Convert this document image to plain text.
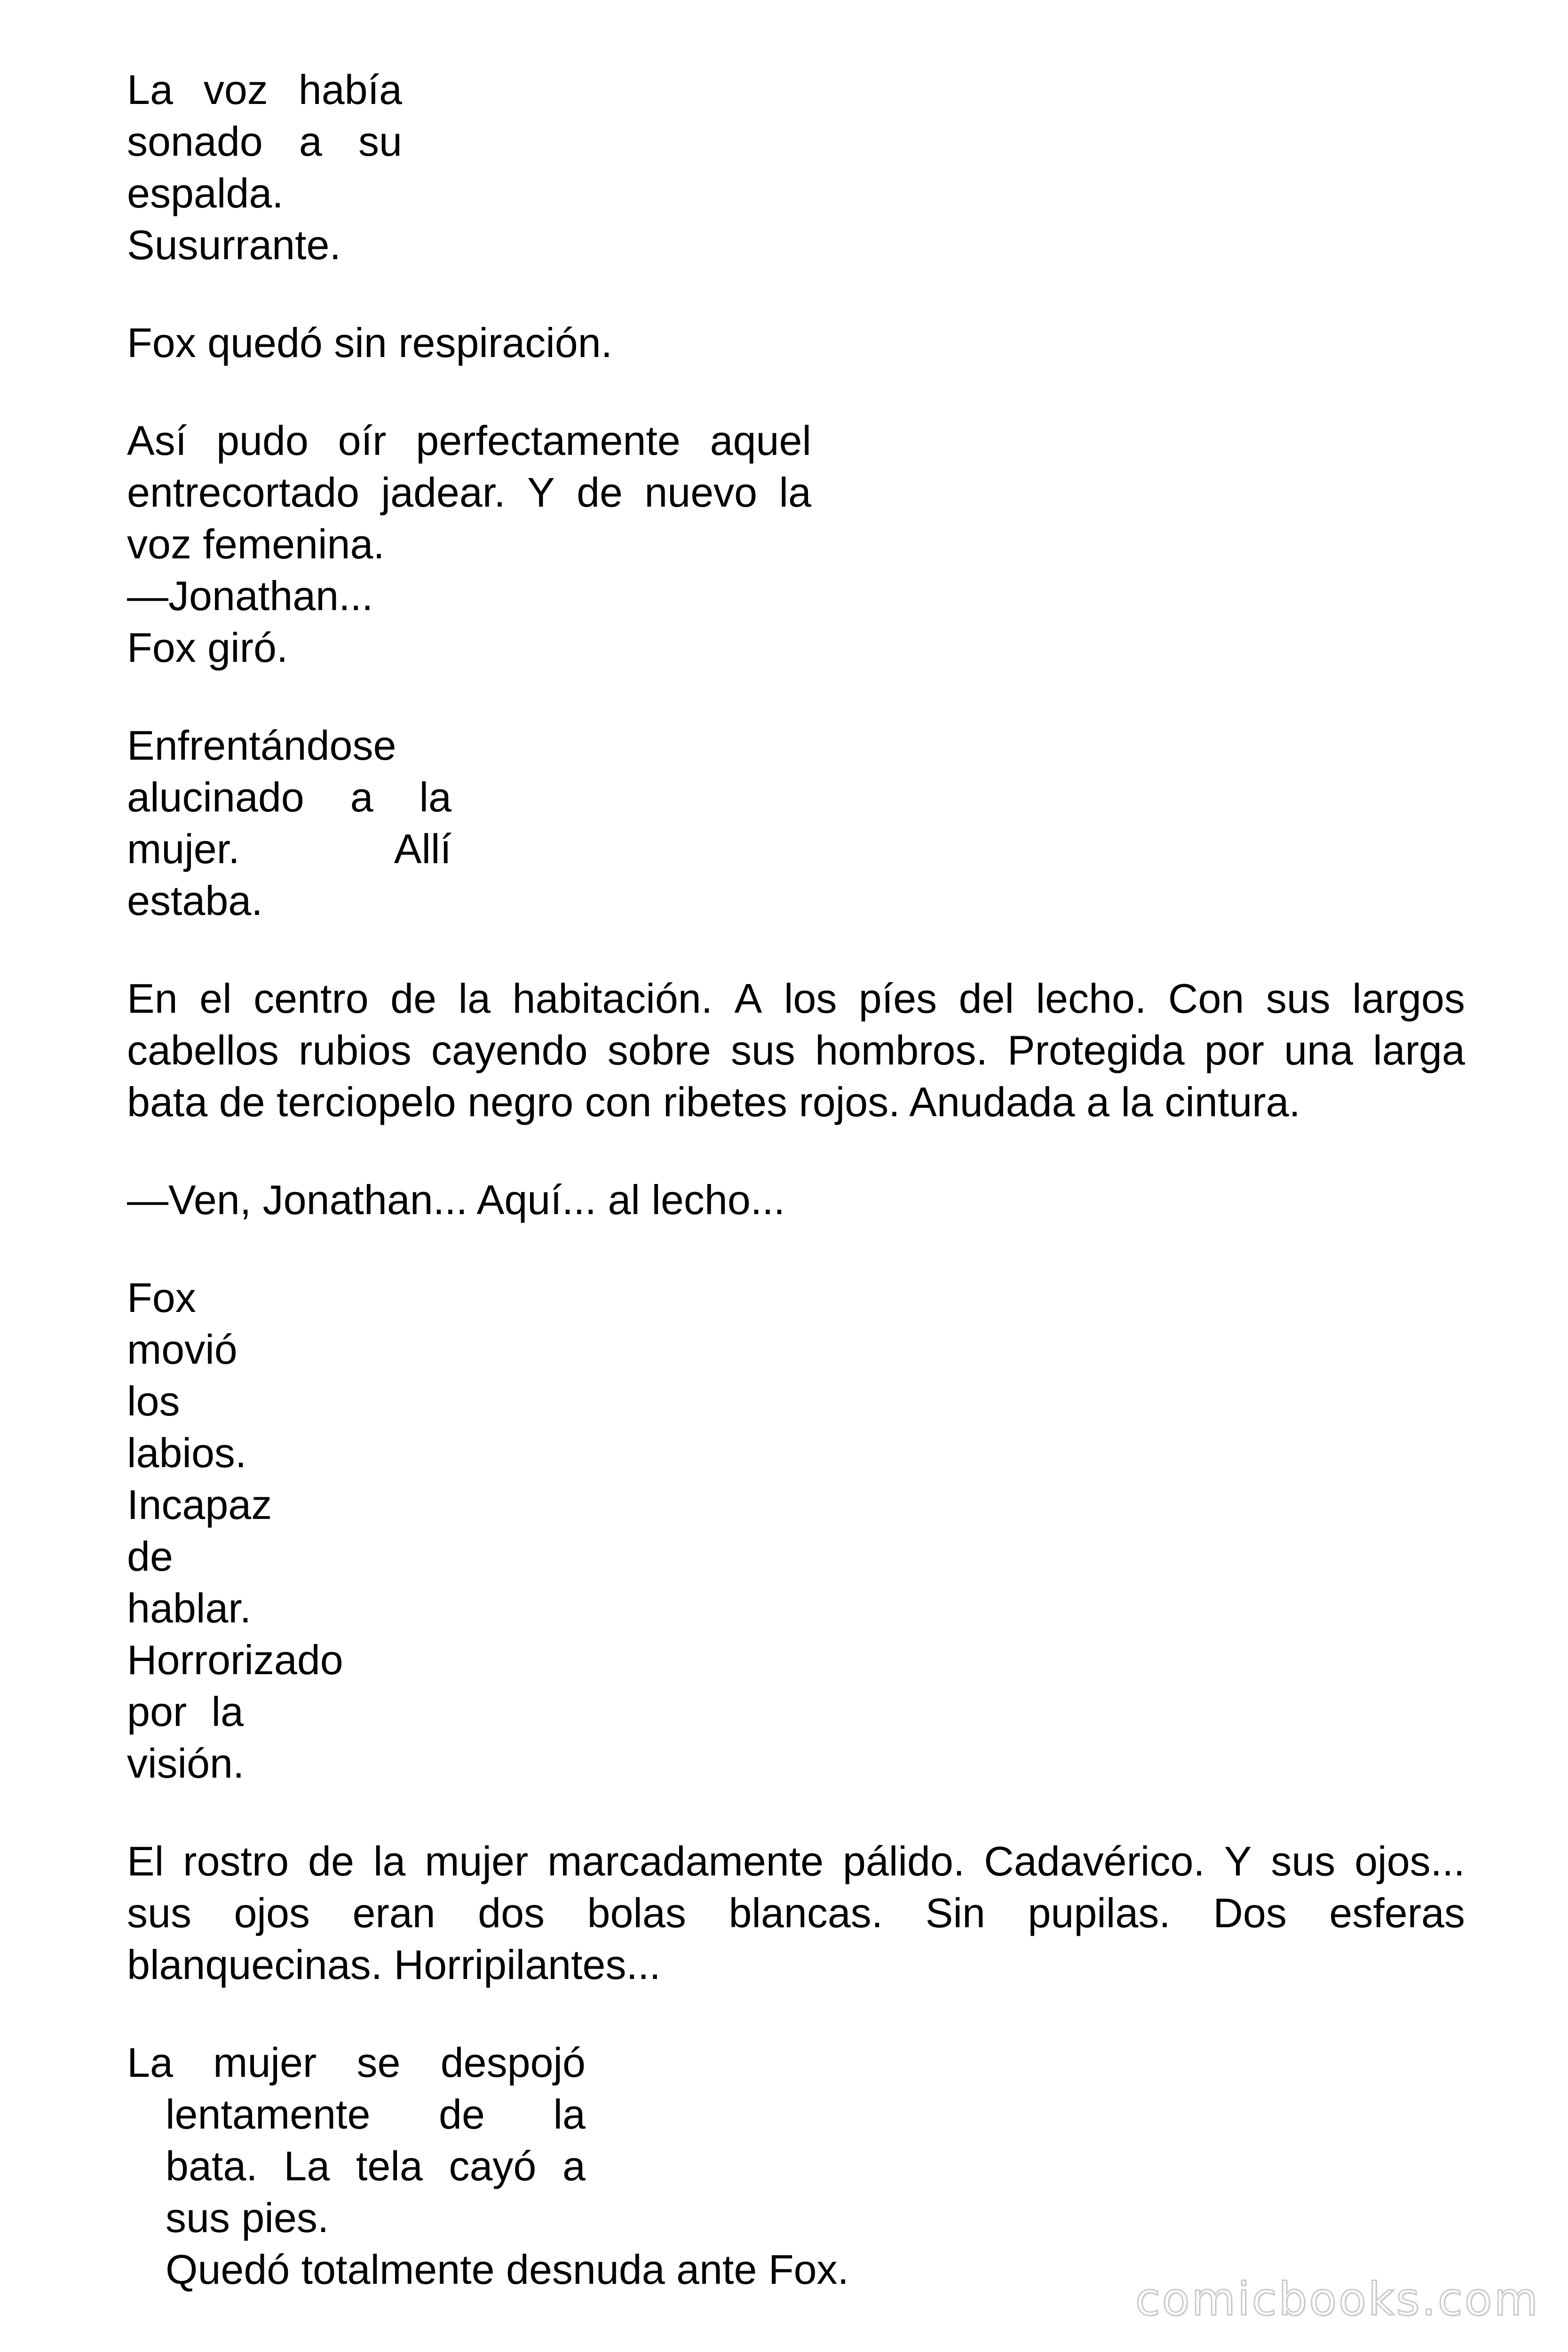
La voz había
sonado a su
espalda.
Susurrante.
Fox quedó sin respiración.
Así pudo oír perfectamente aquel
entrecortado jadear. Y de nuevo la
voz femenina.
—Jonathan...
Fox giró.
Enfrentándose
alucinado a la
mujer.	Allí
estaba.
En el centro de la habitación. A los píes del lecho. Con sus largos
cabellos rubios cayendo sobre sus hombros. Protegida por una larga
bata de terciopelo negro con ribetes rojos. Anudada a la cintura.
—Ven, Jonathan... Aquí... al lecho...
Fox
movió
los
labios.
Incapaz
de
hablar.
Horrorizado
por la
visión.
El rostro de la mujer marcadamente pálido. Cadavérico. Y sus ojos...
sus ojos eran dos bolas blancas. Sin pupilas. Dos esferas
blanquecinas. Horripilantes...
La mujer se despojó
lentamente de la
bata. La tela cayó a
sus pies.
Quedó totalmente desnuda ante Fox.
comicbooks.com
